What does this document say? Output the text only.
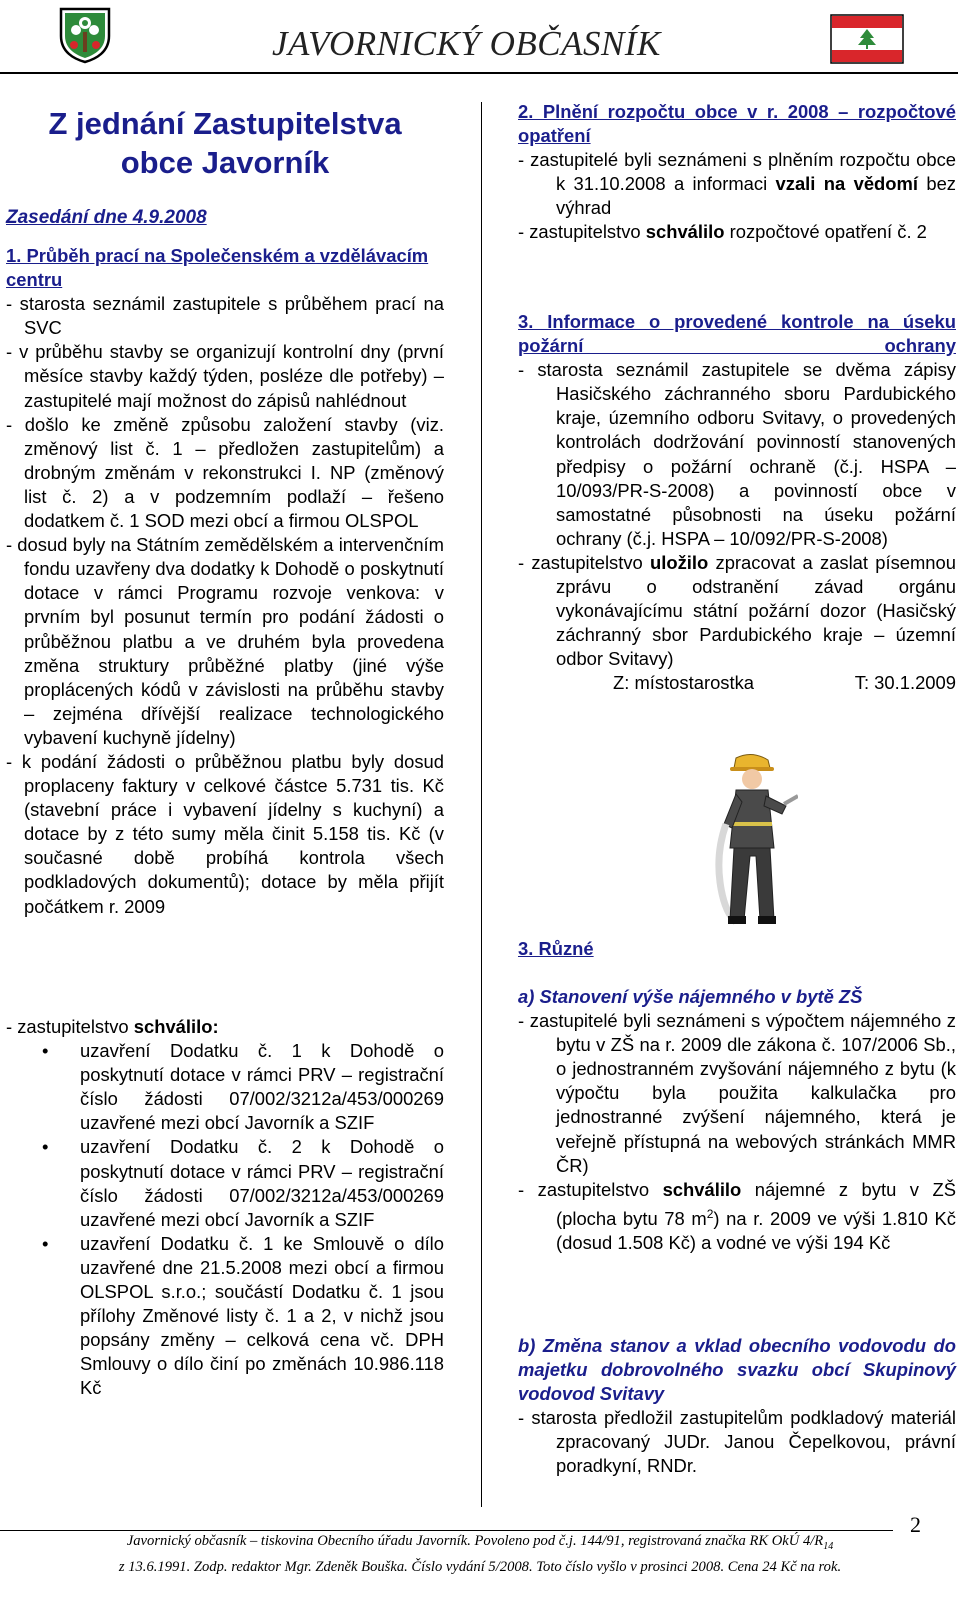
JAVORNICKÝ OBČASNÍK
Z jednání Zastupitelstva
obce Javorník
Zasedání dne 4.9.2008
1. Průběh prací na Společenském a vzdělávacím centru
- starosta seznámil zastupitele s průběhem prací na SVC
- v průběhu stavby se organizují kontrolní dny (první měsíce stavby každý týden, posléze dle potřeby) – zastupitelé mají možnost do zápisů nahlédnout
- došlo ke změně způsobu založení stavby (viz. změnový list č. 1 – předložen zastupitelům) a drobným změnám v rekonstrukci I. NP (změnový list č. 2) a v podzemním podlaží – řešeno dodatkem č. 1 SOD mezi obcí a firmou OLSPOL
- dosud byly na Státním zemědělském a intervenčním fondu uzavřeny dva dodatky k Dohodě o poskytnutí dotace v rámci Programu rozvoje venkova: v prvním byl posunut termín pro podání žádosti o průběžnou platbu a ve druhém byla provedena změna struktury průběžné platby (jiné výše proplácených kódů v závislosti na průběhu stavby – zejména dřívější realizace technologického vybavení kuchyně jídelny)
- k podání žádosti o průběžnou platbu byly dosud proplaceny faktury v celkové částce 5.731 tis. Kč (stavební práce i vybavení jídelny s kuchyní) a dotace by z této sumy měla činit 5.158 tis. Kč (v současné době probíhá kontrola všech podkladových dokumentů); dotace by měla přijít počátkem r. 2009
- zastupitelstvo schválilo:
• uzavření Dodatku č. 1 k Dohodě o poskytnutí dotace v rámci PRV – registrační číslo žádosti 07/002/3212a/453/000269 uzavřené mezi obcí Javorník a SZIF
• uzavření Dodatku č. 2 k Dohodě o poskytnutí dotace v rámci PRV – registrační číslo žádosti 07/002/3212a/453/000269 uzavřené mezi obcí Javorník a SZIF
• uzavření Dodatku č. 1 ke Smlouvě o dílo uzavřené dne 21.5.2008 mezi obcí a firmou OLSPOL s.r.o.; součástí Dodatku č. 1 jsou přílohy Změnové listy č. 1 a 2, v nichž jsou popsány změny – celková cena vč. DPH Smlouvy o dílo činí po změnách 10.986.118 Kč
2. Plnění rozpočtu obce v r. 2008 – rozpočtové opatření
- zastupitelé byli seznámeni s plněním rozpočtu obce k 31.10.2008 a informaci vzali na vědomí bez výhrad
- zastupitelstvo schválilo rozpočtové opatření č. 2
3. Informace o provedené kontrole na úseku požární ochrany
- starosta seznámil zastupitele se dvěma zápisy Hasičského záchranného sboru Pardubického kraje, územního odboru Svitavy, o provedených kontrolách dodržování povinností stanovených předpisy o požární ochraně (č.j. HSPA – 10/093/PR-S-2008) a povinností obce v samostatné působnosti na úseku požární ochrany (č.j. HSPA – 10/092/PR-S-2008)
- zastupitelstvo uložilo zpracovat a zaslat písemnou zprávu o odstranění závad orgánu vykonávajícímu státní požární dozor (Hasičský záchranný sbor Pardubického kraje – územní odbor Svitavy)
Z: místostarostka	T: 30.1.2009
3. Různé
a) Stanovení výše nájemného v bytě ZŠ
- zastupitelé byli seznámeni s výpočtem nájemného z bytu v ZŠ na r. 2009 dle zákona č. 107/2006 Sb., o jednostranném zvyšování nájemného z bytu (k výpočtu byla použita kalkulačka pro jednostranné zvýšení nájemného, která je veřejně přístupná na webových stránkách MMR ČR)
- zastupitelstvo schválilo nájemné z bytu v ZŠ (plocha bytu 78 $m^2$) na r. 2009 ve výši 1.810 Kč (dosud 1.508 Kč) a vodné ve výši 194 Kč
b) Změna stanov a vklad obecního vodovodu do majetku dobrovolného svazku obcí Skupinový vodovod Svitavy
- starosta předložil zastupitelům podkladový materiál zpracovaný JUDr. Janou Čepelkovou, právní poradkyní, RNDr.
Javornický občasník – tiskovina Obecního úřadu Javorník. Povoleno pod č.j. 144/91, registrovaná značka RK OkÚ $4/R_{14}$
z 13.6.1991. Zodp. redaktor Mgr. Zdeněk Bouška. Číslo vydání 5/2008. Toto číslo vyšlo v prosinci 2008. Cena 24 Kč na rok.
2
